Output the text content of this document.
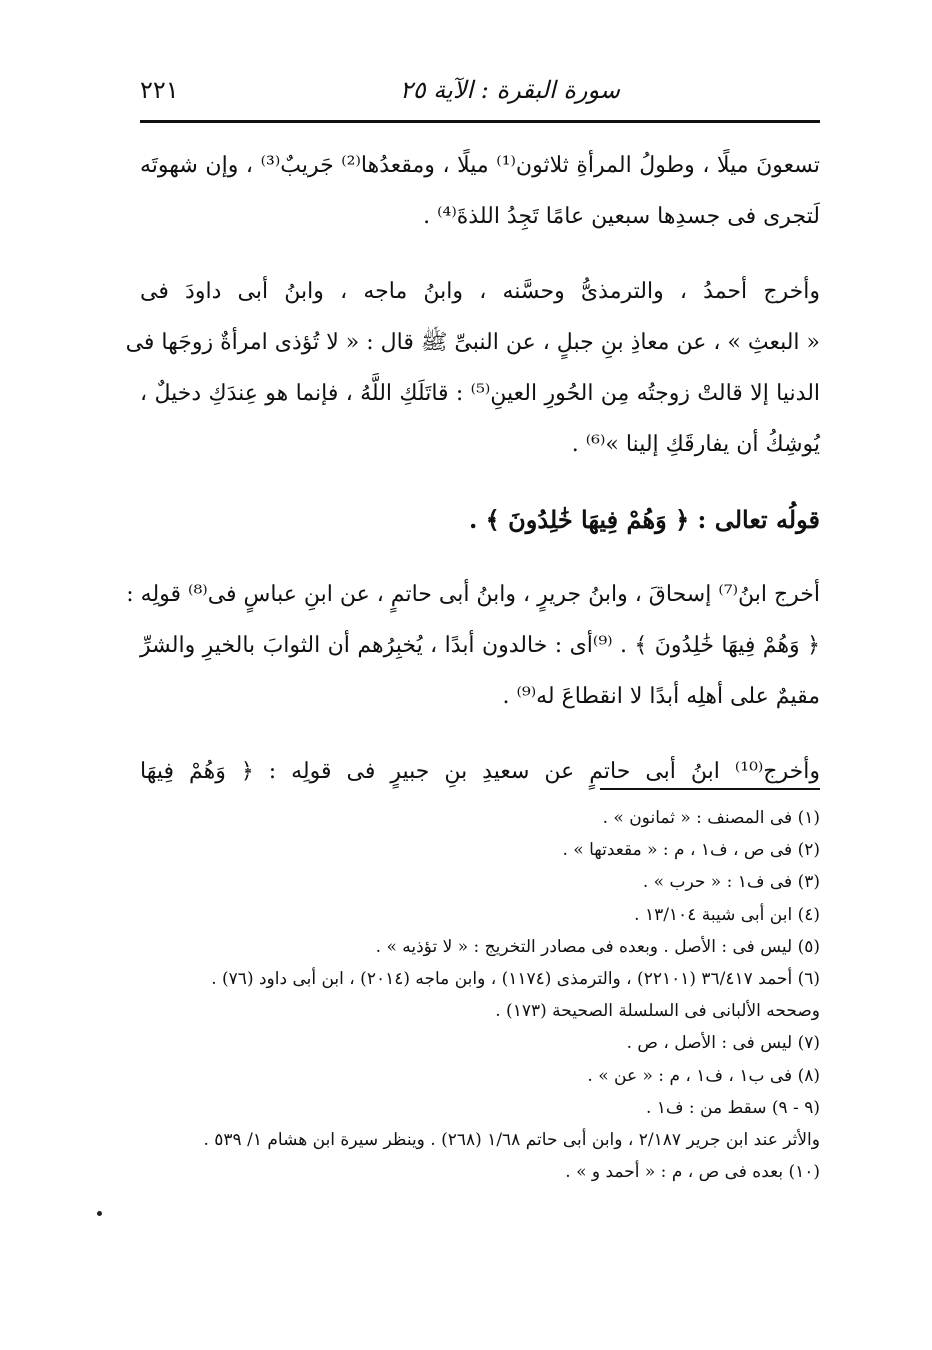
سورة البقرة : الآية ٢٥
٢٢١
تسعونَ ميلًا ، وطولُ المرأةِ ثلاثون⁽¹⁾ ميلًا ، ومقعدُها⁽²⁾ جَريبٌ⁽³⁾ ، وإن شهوتَه
لَتجرى فى جسدِها سبعين عامًا تَجِدُ اللذةَ⁽⁴⁾ .
وأخرج أحمدُ ، والترمذىُّ وحسَّنه ، وابنُ ماجه ، وابنُ أبى داودَ فى
« البعثِ » ، عن معاذِ بنِ جبلٍ ، عن النبىِّ ﷺ قال : « لا تُؤذى امرأةٌ زوجَها فى
الدنيا إلا قالتْ زوجتُه مِن الحُورِ العينِ⁽⁵⁾ : قاتَلَكِ اللَّهُ ، فإنما هو عِندَكِ دخيلٌ ،
يُوشِكُ أن يفارقَكِ إلينا »⁽⁶⁾ .
قولُه تعالى : ﴿ وَهُمْ فِيهَا خَٰلِدُونَ ﴾ .
أخرج ابنُ⁽⁷⁾ إسحاقَ ، وابنُ جريرٍ ، وابنُ أبى حاتمٍ ، عن ابنِ عباسٍ فى⁽⁸⁾ قولِه :
﴿ وَهُمْ فِيهَا خَٰلِدُونَ ﴾ . ⁽⁹⁾أى : خالدون أبدًا ، يُخبِرُهم أن الثوابَ بالخيرِ والشرِّ
مقيمٌ على أهلِه أبدًا لا انقطاعَ له⁽⁹⁾ .
وأخرج⁽¹⁰⁾ ابنُ أبى حاتمٍ عن سعيدِ بنِ جبيرٍ فى قولِه : ﴿ وَهُمْ فِيهَا
(١) فى المصنف : « ثمانون » .
(٢) فى ص ، ف١ ، م : « مقعدتها » .
(٣) فى ف١ : « حرب » .
(٤) ابن أبى شيبة ١٣/١٠٤ .
(٥) ليس فى : الأصل . وبعده فى مصادر التخريج : « لا تؤذيه » .
(٦) أحمد ٣٦/٤١٧ (٢٢١٠١) ، والترمذى (١١٧٤) ، وابن ماجه (٢٠١٤) ، ابن أبى داود (٧٦) .
وصححه الألبانى فى السلسلة الصحيحة (١٧٣) .
(٧) ليس فى : الأصل ، ص .
(٨) فى ب١ ، ف١ ، م : « عن » .
(٩ - ٩) سقط من : ف١ .
والأثر عند ابن جرير ٢/١٨٧ ، وابن أبى حاتم ١/٦٨ (٢٦٨) . وينظر سيرة ابن هشام ١/ ٥٣٩ .
(١٠) بعده فى ص ، م : « أحمد و » .
